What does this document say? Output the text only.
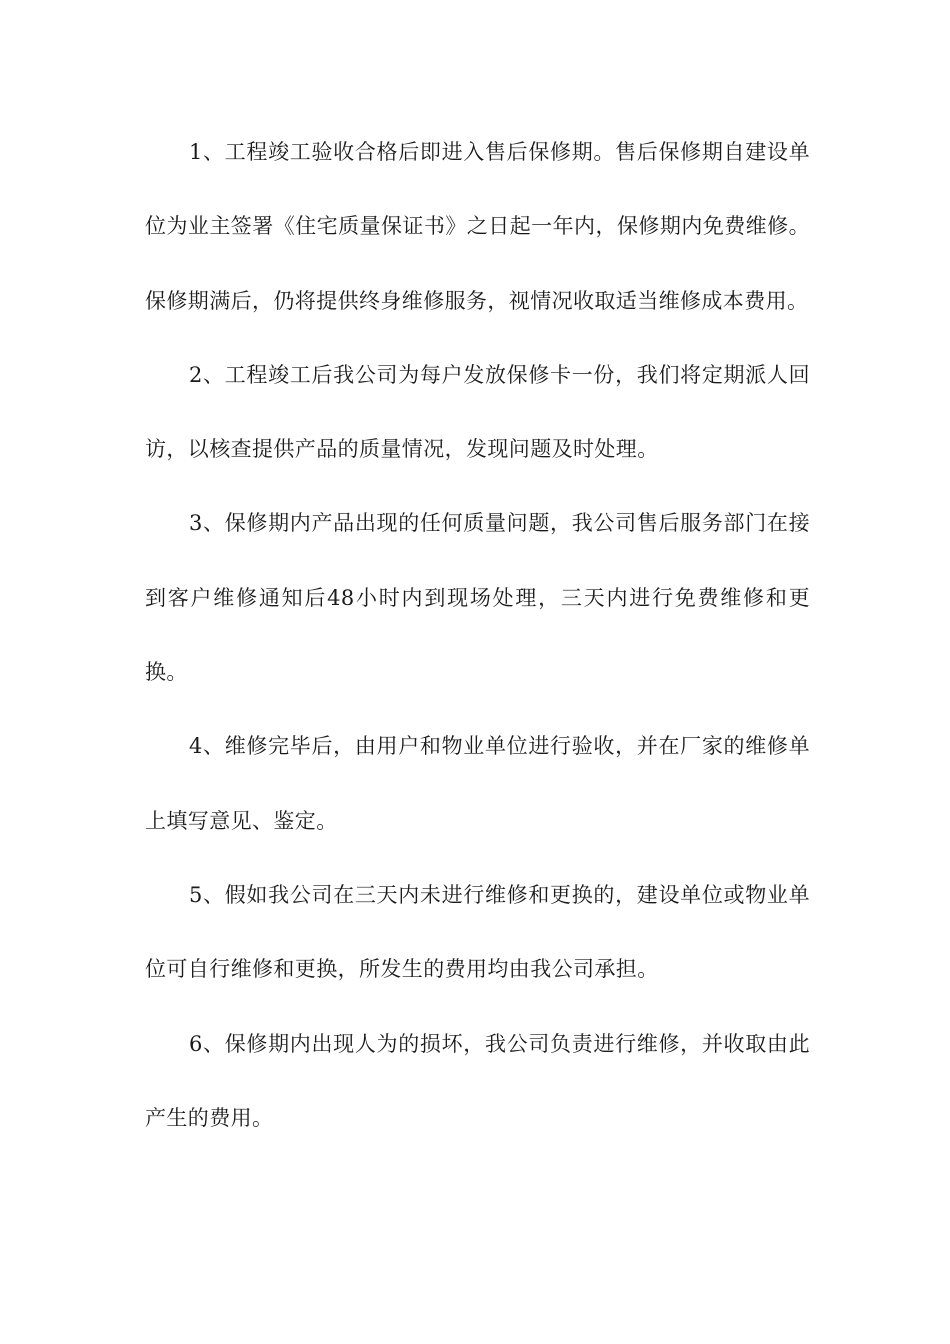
1、工程竣工验收合格后即进入售后保修期。售后保修期自建设单位为业主签署《住宅质量保证书》之日起一年内，保修期内免费维修。保修期满后，仍将提供终身维修服务，视情况收取适当维修成本费用。

2、工程竣工后我公司为每户发放保修卡一份，我们将定期派人回访，以核查提供产品的质量情况，发现问题及时处理。

3、保修期内产品出现的任何质量问题，我公司售后服务部门在接到客户维修通知后48小时内到现场处理，三天内进行免费维修和更换。

4、维修完毕后，由用户和物业单位进行验收，并在厂家的维修单上填写意见、鉴定。

5、假如我公司在三天内未进行维修和更换的，建设单位或物业单位可自行维修和更换，所发生的费用均由我公司承担。

6、保修期内出现人为的损坏，我公司负责进行维修，并收取由此产生的费用。
